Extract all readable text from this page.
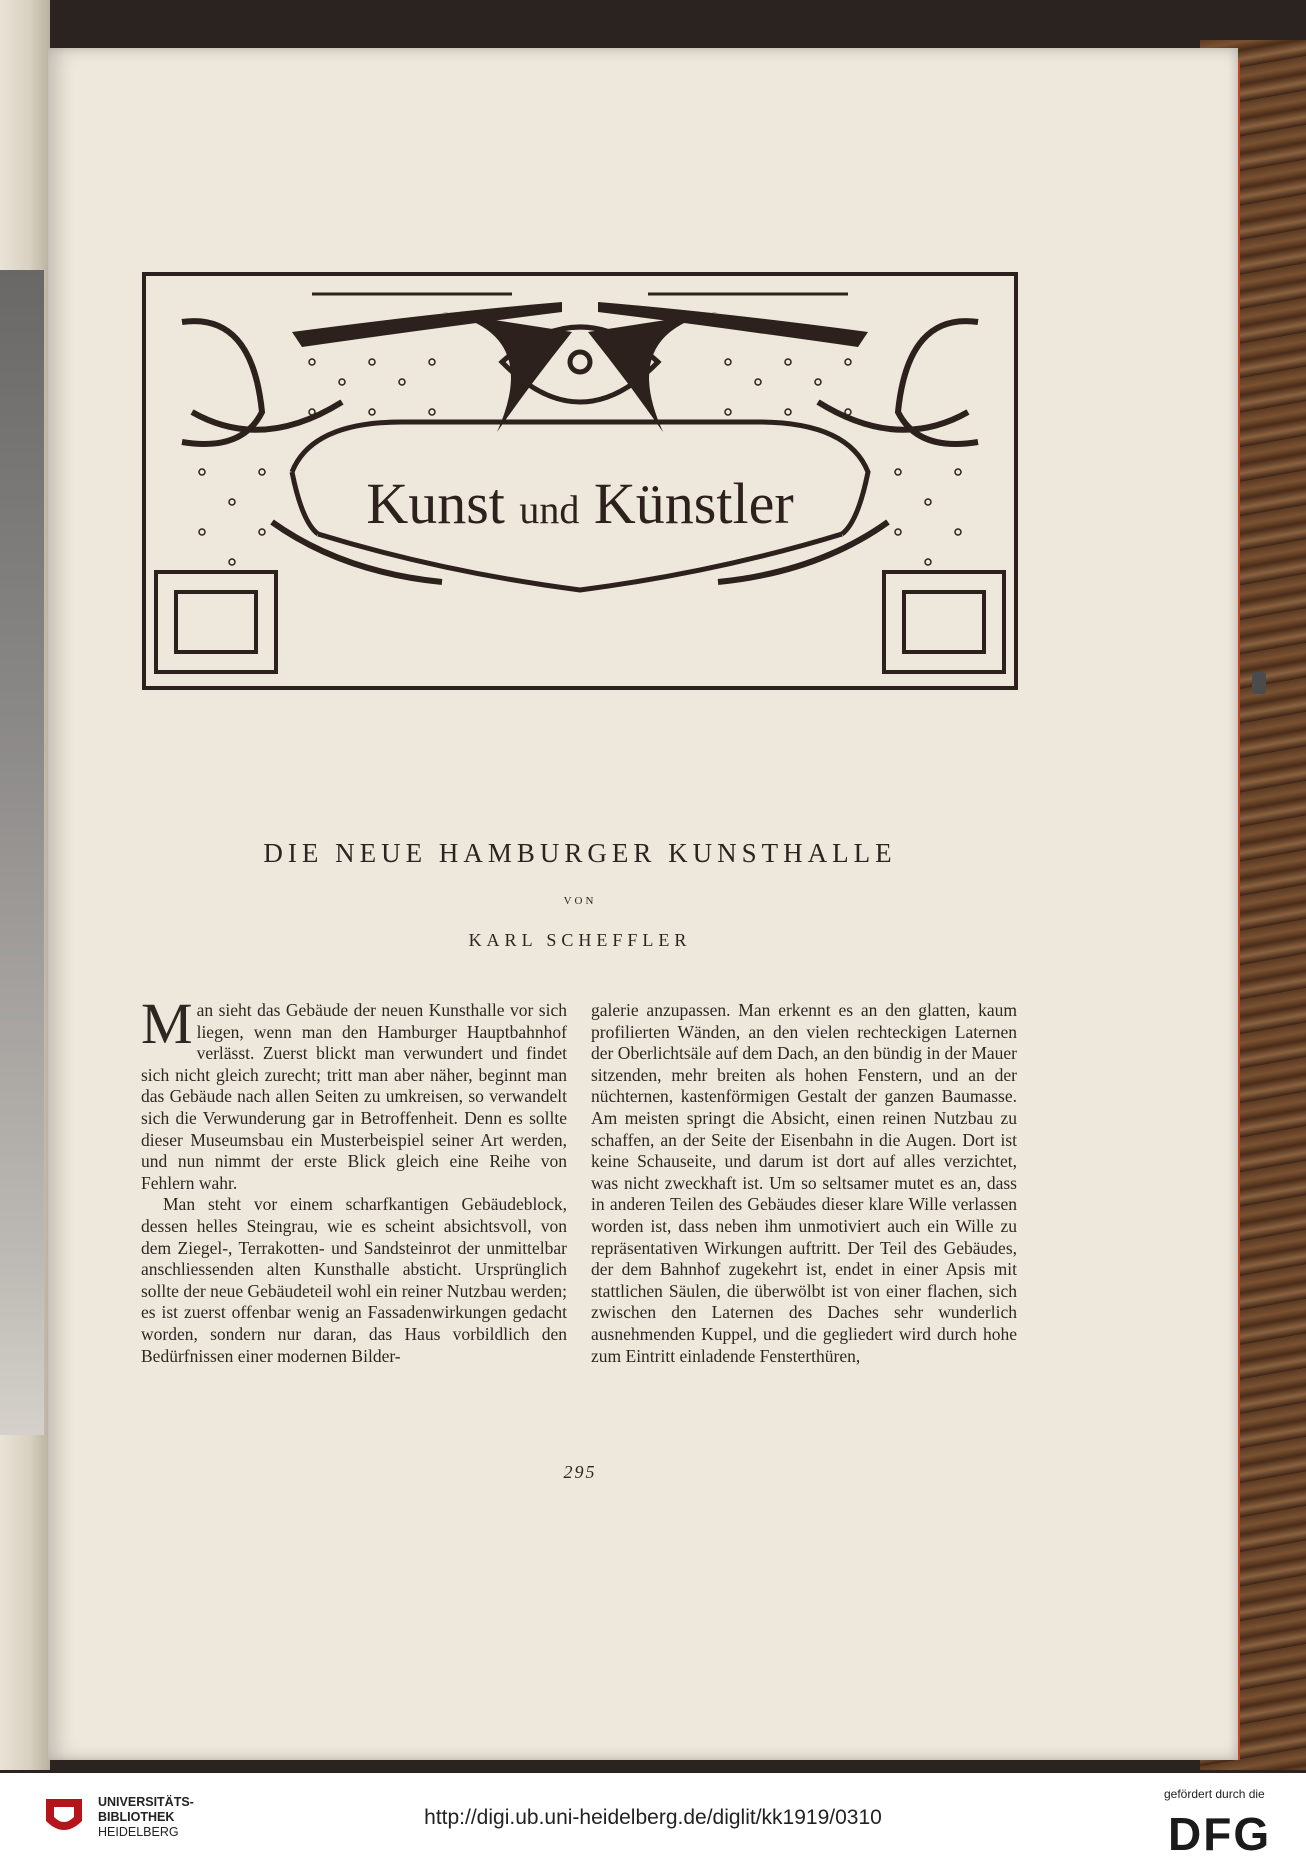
Kunst und Künstler
DIE NEUE HAMBURGER KUNSTHALLE
VON
KARL SCHEFFLER

Man sieht das Gebäude der neuen Kunsthalle vor sich liegen, wenn man den Hamburger Hauptbahnhof verlässt. Zuerst blickt man verwundert und findet sich nicht gleich zurecht; tritt man aber näher, beginnt man das Gebäude nach allen Seiten zu umkreisen, so verwandelt sich die Verwunderung gar in Betroffenheit. Denn es sollte dieser Museumsbau ein Musterbeispiel seiner Art werden, und nun nimmt der erste Blick gleich eine Reihe von Fehlern wahr.

Man steht vor einem scharfkantigen Gebäudeblock, dessen helles Steingrau, wie es scheint absichtsvoll, von dem Ziegel-, Terrakotten- und Sandsteinrot der unmittelbar anschliessenden alten Kunsthalle absticht. Ursprünglich sollte der neue Gebäudeteil wohl ein reiner Nutzbau werden; es ist zuerst offenbar wenig an Fassadenwirkungen gedacht worden, sondern nur daran, das Haus vorbildlich den Bedürfnissen einer modernen Bilder-

galerie anzupassen. Man erkennt es an den glatten, kaum profilierten Wänden, an den vielen rechteckigen Laternen der Oberlichtsäle auf dem Dach, an den bündig in der Mauer sitzenden, mehr breiten als hohen Fenstern, und an der nüchternen, kastenförmigen Gestalt der ganzen Baumasse. Am meisten springt die Absicht, einen reinen Nutzbau zu schaffen, an der Seite der Eisenbahn in die Augen. Dort ist keine Schauseite, und darum ist dort auf alles verzichtet, was nicht zweckhaft ist. Um so seltsamer mutet es an, dass in anderen Teilen des Gebäudes dieser klare Wille verlassen worden ist, dass neben ihm unmotiviert auch ein Wille zu repräsentativen Wirkungen auftritt. Der Teil des Gebäudes, der dem Bahnhof zugekehrt ist, endet in einer Apsis mit stattlichen Säulen, die überwölbt ist von einer flachen, sich zwischen den Laternen des Daches sehr wunderlich ausnehmenden Kuppel, und die gegliedert wird durch hohe zum Eintritt einladende Fensterthüren,

295
UNIVERSITÄTS-
BIBLIOTHEK
HEIDELBERG
http://digi.ub.uni-heidelberg.de/diglit/kk1919/0310
gefördert durch die
DFG
